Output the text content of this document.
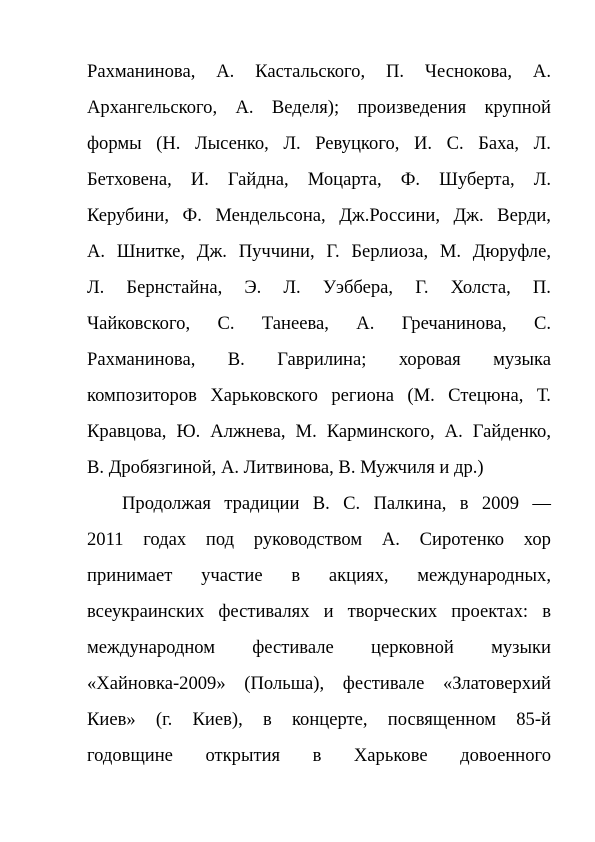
Рахманинова, А. Кастальского, П. Чеснокова, А.
Архангельского, А. Веделя); произведения крупной
формы (Н. Лысенко, Л. Ревуцкого, И. С. Баха, Л.
Бетховена, И. Гайдна, Моцарта, Ф. Шуберта, Л.
Керубини, Ф. Мендельсона, Дж.Россини, Дж. Верди,
А. Шнитке, Дж. Пуччини, Г. Берлиоза, М. Дюруфле,
Л. Бернстайна, Э. Л. Уэббера, Г. Холста, П.
Чайковского, С. Танеева, А. Гречанинова, С.
Рахманинова, В. Гаврилина; хоровая музыка
композиторов Харьковского региона (М. Стецюна, Т.
Кравцова, Ю. Алжнева, М. Карминского, А. Гайденко,
В. Дробязгиной, А. Литвинова, В. Мужчиля и др.)
Продолжая традиции В. С. Палкина, в 2009 —
2011 годах под руководством А. Сиротенко хор
принимает участие в акциях, международных,
всеукраинских фестивалях и творческих проектах: в
международном фестивале церковной музыки
«Хайновка-2009» (Польша), фестивале «Златоверхий
Киев» (г. Киев), в концерте, посвященном 85-й
годовщине открытия в Харькове довоенного
